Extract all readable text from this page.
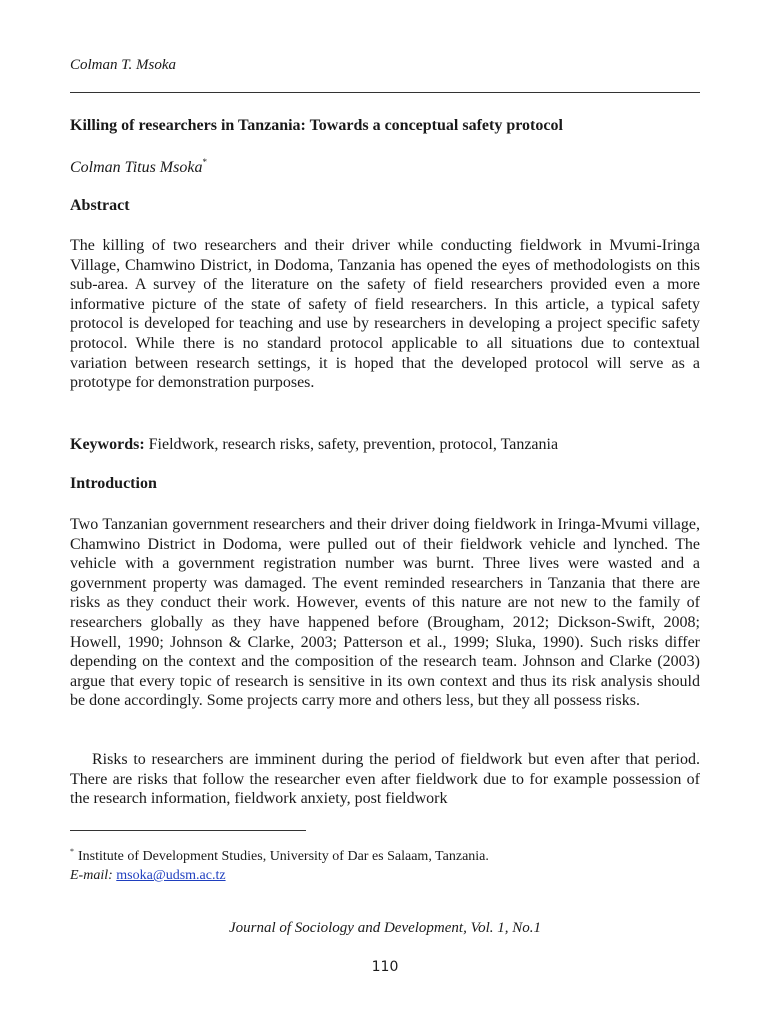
Colman T. Msoka
Killing of researchers in Tanzania: Towards a conceptual safety protocol
Colman Titus Msoka*
Abstract

The killing of two researchers and their driver while conducting fieldwork in Mvumi-Iringa Village, Chamwino District, in Dodoma, Tanzania has opened the eyes of methodologists on this sub-area. A survey of the literature on the safety of field researchers provided even a more informative picture of the state of safety of field researchers. In this article, a typical safety protocol is developed for teaching and use by researchers in developing a project specific safety protocol. While there is no standard protocol applicable to all situations due to contextual variation between research settings, it is hoped that the developed protocol will serve as a prototype for demonstration purposes.

Keywords: Fieldwork, research risks, safety, prevention, protocol, Tanzania
Introduction

Two Tanzanian government researchers and their driver doing fieldwork in Iringa-Mvumi village, Chamwino District in Dodoma, were pulled out of their fieldwork vehicle and lynched. The vehicle with a government registration number was burnt. Three lives were wasted and a government property was damaged. The event reminded researchers in Tanzania that there are risks as they conduct their work. However, events of this nature are not new to the family of researchers globally as they have happened before (Brougham, 2012; Dickson-Swift, 2008; Howell, 1990; Johnson & Clarke, 2003; Patterson et al., 1999; Sluka, 1990). Such risks differ depending on the context and the composition of the research team. Johnson and Clarke (2003) argue that every topic of research is sensitive in its own context and thus its risk analysis should be done accordingly. Some projects carry more and others less, but they all possess risks.

Risks to researchers are imminent during the period of fieldwork but even after that period. There are risks that follow the researcher even after fieldwork due to for example possession of the research information, fieldwork anxiety, post fieldwork

* Institute of Development Studies, University of Dar es Salaam, Tanzania.
E-mail: msoka@udsm.ac.tz
Journal of Sociology and Development, Vol. 1, No.1
110
